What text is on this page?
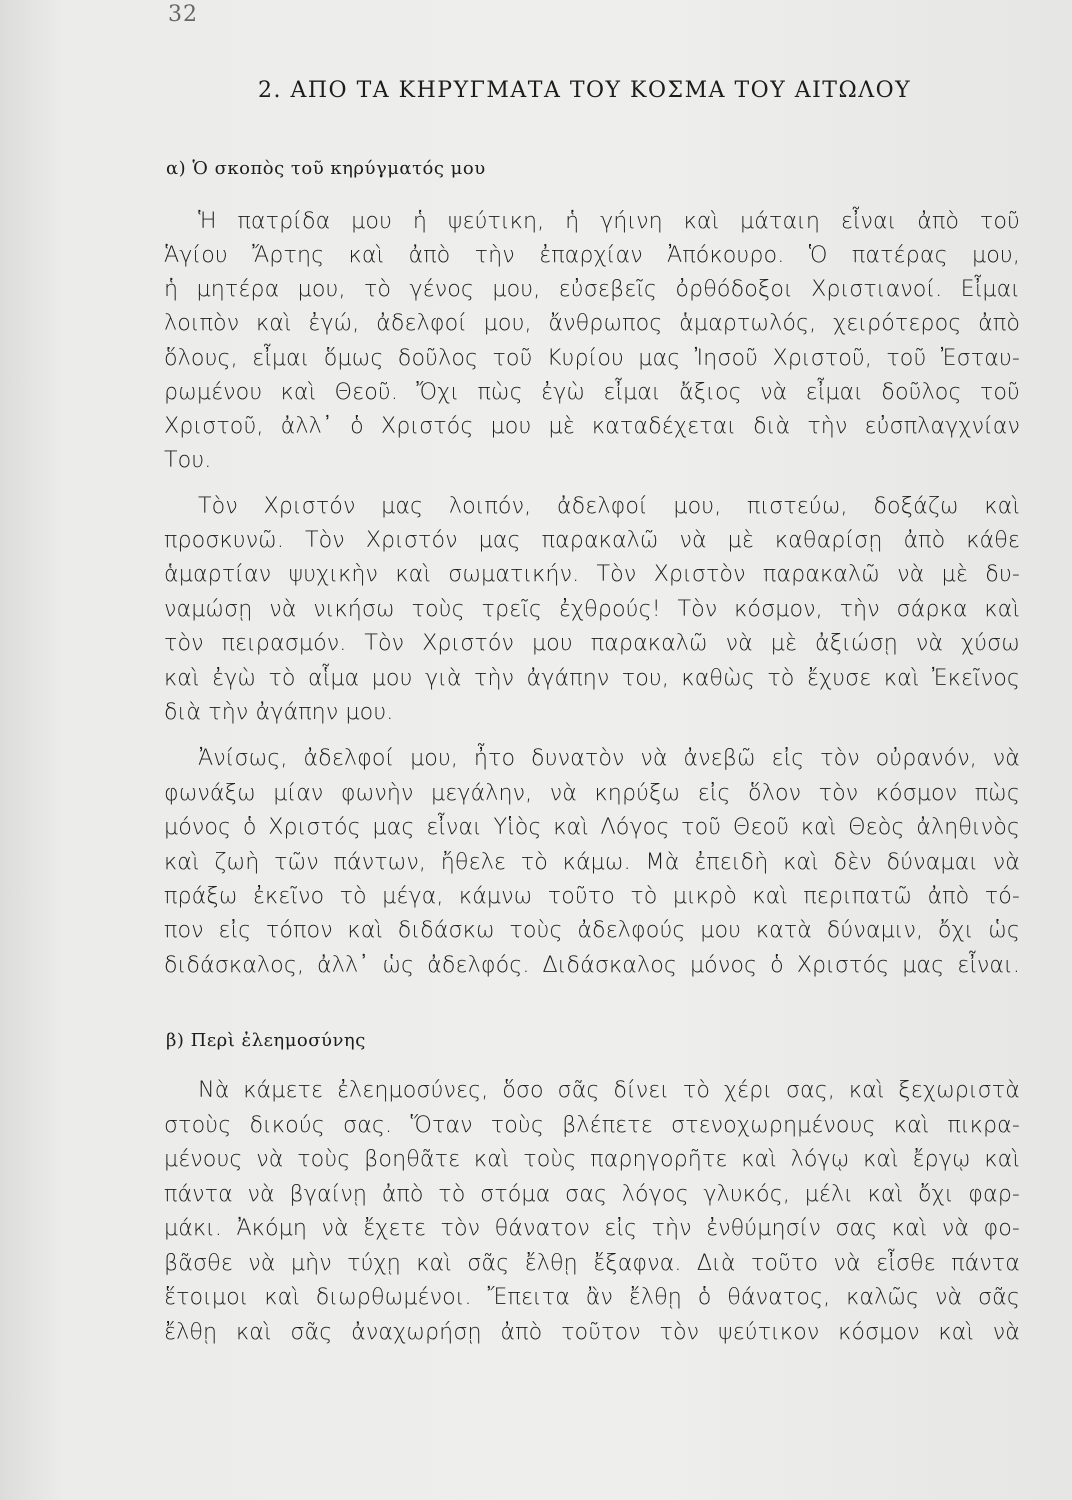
32
2. ΑΠΟ ΤΑ ΚΗΡΥΓΜΑΤΑ ΤΟΥ ΚΟΣΜΑ ΤΟΥ ΑΙΤΩΛΟΥ
α) Ὁ σκοπὸς τοῦ κηρύγματός μου
Ἡ πατρίδα μου ἡ ψεύτικη, ἡ γήινη καὶ μάταιη εἶναι ἀπὸ τοῦ
Ἁγίου Ἄρτης καὶ ἀπὸ τὴν ἐπαρχίαν Ἀπόκουρο. Ὁ πατέρας μου,
ἡ μητέρα μου, τὸ γένος μου, εὐσεβεῖς ὀρθόδοξοι Χριστιανοί. Εἶμαι
λοιπὸν καὶ ἐγώ, ἀδελφοί μου, ἄνθρωπος ἁμαρτωλός, χειρότερος ἀπὸ
ὅλους, εἶμαι ὅμως δοῦλος τοῦ Κυρίου μας Ἰησοῦ Χριστοῦ, τοῦ Ἐσταυ-
ρωμένου καὶ Θεοῦ. Ὄχι πὼς ἐγὼ εἶμαι ἄξιος νὰ εἶμαι δοῦλος τοῦ
Χριστοῦ, ἀλλ᾿ ὁ Χριστός μου μὲ καταδέχεται διὰ τὴν εὐσπλαγχνίαν
Του.
Τὸν Χριστόν μας λοιπόν, ἀδελφοί μου, πιστεύω, δοξάζω καὶ
προσκυνῶ. Τὸν Χριστόν μας παρακαλῶ νὰ μὲ καθαρίσῃ ἀπὸ κάθε
ἁμαρτίαν ψυχικὴν καὶ σωματικήν. Τὸν Χριστὸν παρακαλῶ νὰ μὲ δυ-
ναμώσῃ νὰ νικήσω τοὺς τρεῖς ἐχθρούς! Τὸν κόσμον, τὴν σάρκα καὶ
τὸν πειρασμόν. Τὸν Χριστόν μου παρακαλῶ νὰ μὲ ἀξιώσῃ νὰ χύσω
καὶ ἐγὼ τὸ αἷμα μου γιὰ τὴν ἀγάπην του, καθὼς τὸ ἔχυσε καὶ Ἐκεῖνος
διὰ τὴν ἀγάπην μου.
Ἀνίσως, ἀδελφοί μου, ἦτο δυνατὸν νὰ ἀνεβῶ εἰς τὸν οὐρανόν, νὰ
φωνάξω μίαν φωνὴν μεγάλην, νὰ κηρύξω εἰς ὅλον τὸν κόσμον πὼς
μόνος ὁ Χριστός μας εἶναι Υἱὸς καὶ Λόγος τοῦ Θεοῦ καὶ Θεὸς ἀληθινὸς
καὶ ζωὴ τῶν πάντων, ἤθελε τὸ κάμω. Μὰ ἐπειδὴ καὶ δὲν δύναμαι νὰ
πράξω ἐκεῖνο τὸ μέγα, κάμνω τοῦτο τὸ μικρὸ καὶ περιπατῶ ἀπὸ τό-
πον εἰς τόπον καὶ διδάσκω τοὺς ἀδελφούς μου κατὰ δύναμιν, ὄχι ὡς
διδάσκαλος, ἀλλ᾿ ὡς ἀδελφός. Διδάσκαλος μόνος ὁ Χριστός μας εἶναι.
β) Περὶ ἐλεημοσύνης
Νὰ κάμετε ἐλεημοσύνες, ὅσο σᾶς δίνει τὸ χέρι σας, καὶ ξεχωριστὰ
στοὺς δικούς σας. Ὅταν τοὺς βλέπετε στενοχωρημένους καὶ πικρα-
μένους νὰ τοὺς βοηθᾶτε καὶ τοὺς παρηγορῆτε καὶ λόγῳ καὶ ἔργῳ καὶ
πάντα νὰ βγαίνῃ ἀπὸ τὸ στόμα σας λόγος γλυκός, μέλι καὶ ὄχι φαρ-
μάκι. Ἀκόμη νὰ ἔχετε τὸν θάνατον εἰς τὴν ἐνθύμησίν σας καὶ νὰ φο-
βᾶσθε νὰ μὴν τύχῃ καὶ σᾶς ἔλθῃ ἔξαφνα. Διὰ τοῦτο νὰ εἶσθε πάντα
ἕτοιμοι καὶ διωρθωμένοι. Ἔπειτα ἂν ἔλθῃ ὁ θάνατος, καλῶς νὰ σᾶς
ἔλθῃ καὶ σᾶς ἀναχωρήσῃ ἀπὸ τοῦτον τὸν ψεύτικον κόσμον καὶ νὰ
